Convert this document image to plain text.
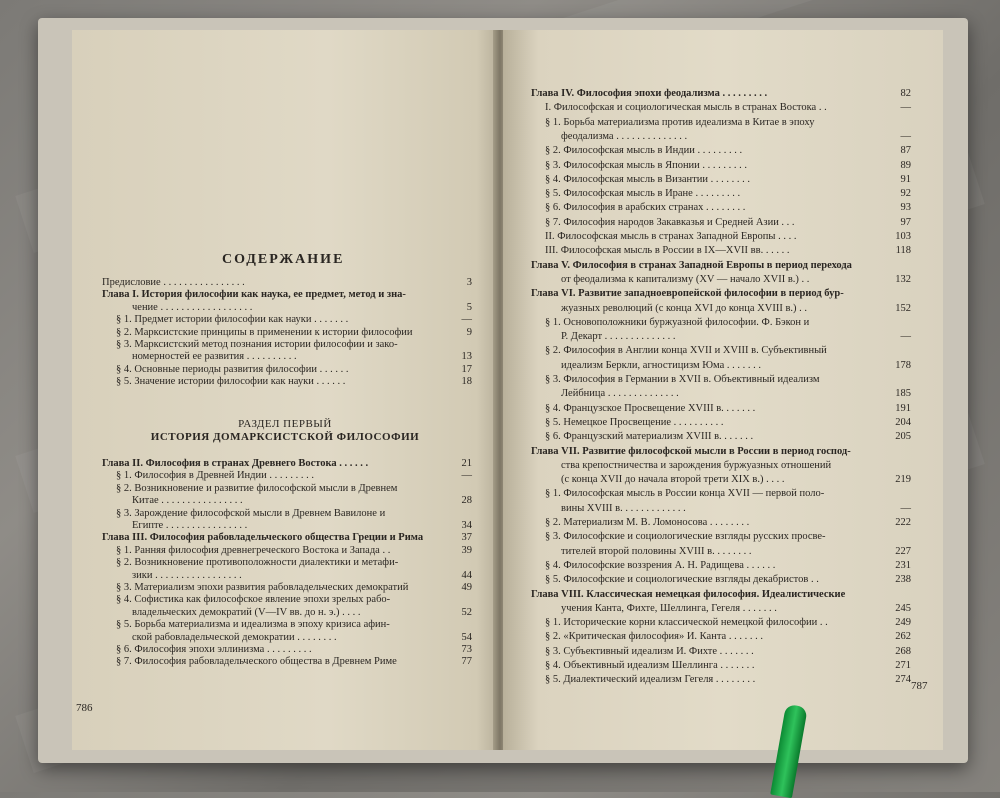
СОДЕРЖАНИЕ
РАЗДЕЛ ПЕРВЫЙ
ИСТОРИЯ ДОМАРКСИСТСКОЙ ФИЛОСОФИИ
786
Предисловие . . . . . . . . . . . . . . . .	3
Глава I. История философии как наука, ее предмет, метод и зна-
чение . . . . . . . . . . . . . . . . . .	5
§ 1. Предмет истории философии как науки . . . . . . .	—
§ 2. Марксистские принципы в применении к истории философии	9
§ 3. Марксистский метод познания истории философии и зако-
номерностей ее развития . . . . . . . . . .	13
§ 4. Основные периоды развития философии . . . . . .	17
§ 5. Значение истории философии как науки . . . . . .	18
Глава II. Философия в странах Древнего Востока . . . . . .	21
§ 1. Философия в Древней Индии . . . . . . . . .	—
§ 2. Возникновение и развитие философской мысли в Древнем
Китае . . . . . . . . . . . . . . . .	28
§ 3. Зарождение философской мысли в Древнем Вавилоне и
Египте . . . . . . . . . . . . . . . .	34
Глава III. Философия рабовладельческого общества Греции и Рима	37
§ 1. Ранняя философия древнегреческого Востока и Запада . .	39
§ 2. Возникновение противоположности диалектики и метафи-
зики . . . . . . . . . . . . . . . . .	44
§ 3. Материализм эпохи развития рабовладельческих демократий	49
§ 4. Софистика как философское явление эпохи зрелых рабо-
владельческих демократий (V—IV вв. до н. э.) . . . .	52
§ 5. Борьба материализма и идеализма в эпоху кризиса афин-
ской рабовладельческой демократии . . . . . . . .	54
§ 6. Философия эпохи эллинизма . . . . . . . . .	73
§ 7. Философия рабовладельческого общества в Древнем Риме	77
787
Глава IV. Философия эпохи феодализма . . . . . . . . .	82
I. Философская и социологическая мысль в странах Востока . .	—
§ 1. Борьба материализма против идеализма в Китае в эпоху
феодализма . . . . . . . . . . . . . .	—
§ 2. Философская мысль в Индии . . . . . . . . .	87
§ 3. Философская мысль в Японии . . . . . . . . .	89
§ 4. Философская мысль в Византии . . . . . . . .	91
§ 5. Философская мысль в Иране . . . . . . . . .	92
§ 6. Философия в арабских странах . . . . . . . .	93
§ 7. Философия народов Закавказья и Средней Азии . . .	97
II. Философская мысль в странах Западной Европы . . . .	103
III. Философская мысль в России в IX—XVII вв. . . . . .	118
Глава V. Философия в странах Западной Европы в период перехода
от феодализма к капитализму (XV — начало XVII в.) . .	132
Глава VI. Развитие западноевропейской философии в период бур-
жуазных революций (с конца XVI до конца XVIII в.) . .	152
§ 1. Основоположники буржуазной философии. Ф. Бэкон и
Р. Декарт . . . . . . . . . . . . . .	—
§ 2. Философия в Англии конца XVII и XVIII в. Субъективный
идеализм Беркли, агностицизм Юма . . . . . . .	178
§ 3. Философия в Германии в XVII в. Объективный идеализм
Лейбница . . . . . . . . . . . . . .	185
§ 4. Французское Просвещение XVIII в. . . . . . .	191
§ 5. Немецкое Просвещение . . . . . . . . . .	204
§ 6. Французский материализм XVIII в. . . . . . .	205
Глава VII. Развитие философской мысли в России в период господ-
ства крепостничества и зарождения буржуазных отношений
(с конца XVII до начала второй трети XIX в.) . . . .	219
§ 1. Философская мысль в России конца XVII — первой поло-
вины XVIII в. . . . . . . . . . . . .	—
§ 2. Материализм М. В. Ломоносова . . . . . . . .	222
§ 3. Философские и социологические взгляды русских просве-
тителей второй половины XVIII в. . . . . . . .	227
§ 4. Философские воззрения А. Н. Радищева . . . . . .	231
§ 5. Философские и социологические взгляды декабристов . .	238
Глава VIII. Классическая немецкая философия. Идеалистические
учения Канта, Фихте, Шеллинга, Гегеля . . . . . . .	245
§ 1. Исторические корни классической немецкой философии . .	249
§ 2. «Критическая философия» И. Канта . . . . . . .	262
§ 3. Субъективный идеализм И. Фихте . . . . . . .	268
§ 4. Объективный идеализм Шеллинга . . . . . . .	271
§ 5. Диалектический идеализм Гегеля . . . . . . . .	274
